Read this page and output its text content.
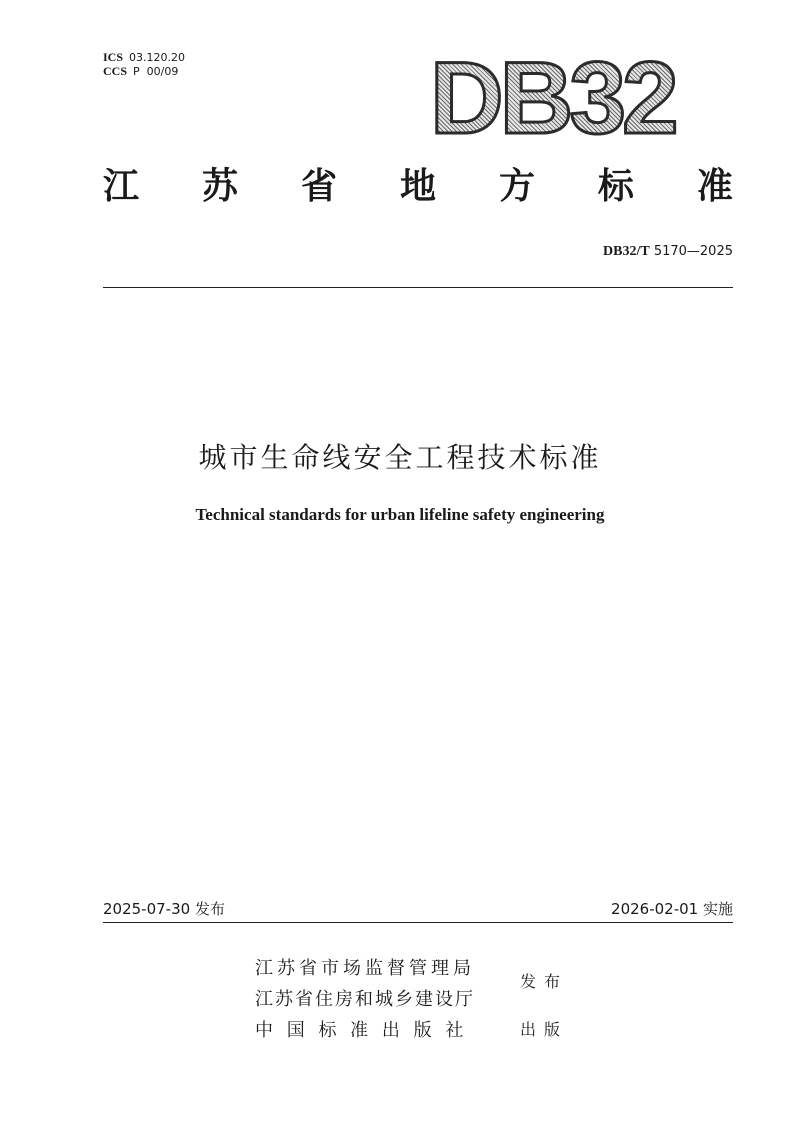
ICS 03.120.20
CCS P  00/09 DB32
江 苏 省 地 方 标 准
DB32/T 5170—2025
城市生命线安全工程技术标准
Technical standards for urban lifeline safety engineering
2025-07-30 发布	2026-02-01 实施
江苏省市场监督管理局
江苏省住房和城乡建设厅
中 国 标 准 出 版 社
发布
出版
